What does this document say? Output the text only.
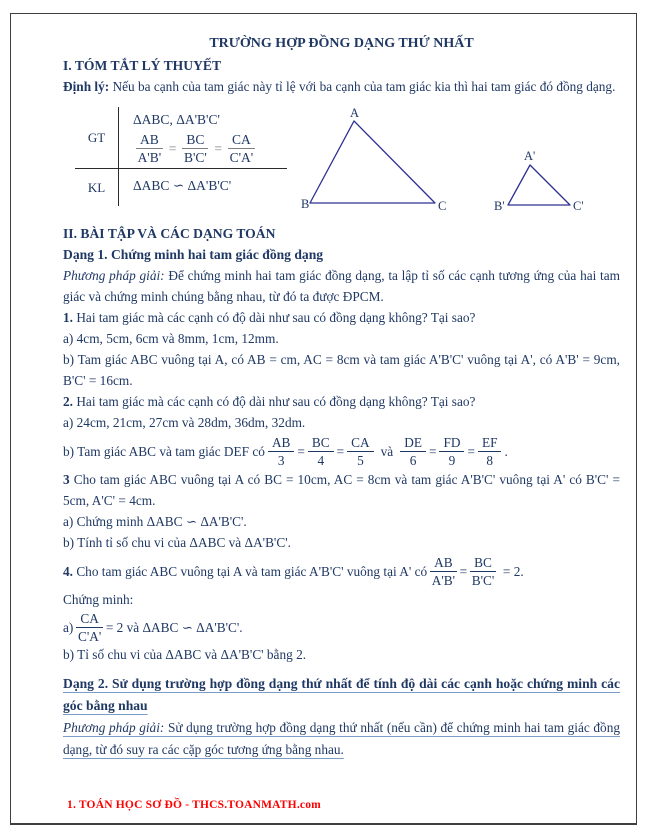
TRƯỜNG HỢP ĐỒNG DẠNG THỨ NHẤT
I. TÓM TẮT LÝ THUYẾT

Định lý: Nếu ba cạnh của tam giác này tỉ lệ với ba cạnh của tam giác kia thì hai tam giác đó đồng dạng.

GT
ΔABC, ΔA'B'C'
$\frac{AB}{A'B'} = \frac{BC}{B'C'} = \frac{CA}{C'A'}$
KL	ΔABC ∽ ΔA'B'C'
A
B	C
A'
B'	C'
II. BÀI TẬP VÀ CÁC DẠNG TOÁN
Dạng 1. Chứng minh hai tam giác đồng dạng

Phương pháp giải: Để chứng minh hai tam giác đồng dạng, ta lập tỉ số các cạnh tương ứng của hai tam giác và chứng minh chúng bằng nhau, từ đó ta được ĐPCM.

1. Hai tam giác mà các cạnh có độ dài như sau có đồng dạng không? Tại sao?

a) 4cm, 5cm, 6cm và 8mm, 1cm, 12mm.

b) Tam giác ABC vuông tại A, có AB = cm, AC = 8cm và tam giác A'B'C' vuông tại A', có A'B' = 9cm, B'C' = 16cm.

2. Hai tam giác mà các cạnh có độ dài như sau có đồng dạng không? Tại sao?

a) 24cm, 21cm, 27cm và 28dm, 36dm, 32dm.

b) Tam giác ABC và tam giác DEF có $\frac{AB}{3} = \frac{BC}{4} = \frac{CA}{5}$ và $\frac{DE}{6} = \frac{FD}{9} = \frac{EF}{8}$ .

3 Cho tam giác ABC vuông tại A có BC = 10cm, AC = 8cm và tam giác A'B'C' vuông tại A' có B'C' = 5cm, A'C' = 4cm.

a) Chứng minh ΔABC ∽ ΔA'B'C'.

b) Tính tỉ số chu vi của ΔABC và ΔA'B'C'.

4.
Cho tam giác ABC vuông tại A và tam giác A'B'C' vuông tại A' có $\frac{AB}{A'B'} = \frac{BC}{B'C'} = 2$.

Chứng minh:

$a) \frac{CA}{C'A'} = 2$ và ΔABC ∽ ΔA'B'C'.

b) Tỉ số chu vi của ΔABC và ΔA'B'C' bằng 2.

Dạng 2. Sử dụng trường hợp đồng dạng thứ nhất để tính độ dài các cạnh hoặc chứng minh các góc bằng nhau

Phương pháp giải: Sử dụng trường hợp đồng dạng thứ nhất (nếu cần) để chứng minh hai tam giác đồng dạng, từ đó suy ra các cặp góc tương ứng bằng nhau.

1. TOÁN HỌC SƠ ĐỒ - THCS.TOANMATH.com
